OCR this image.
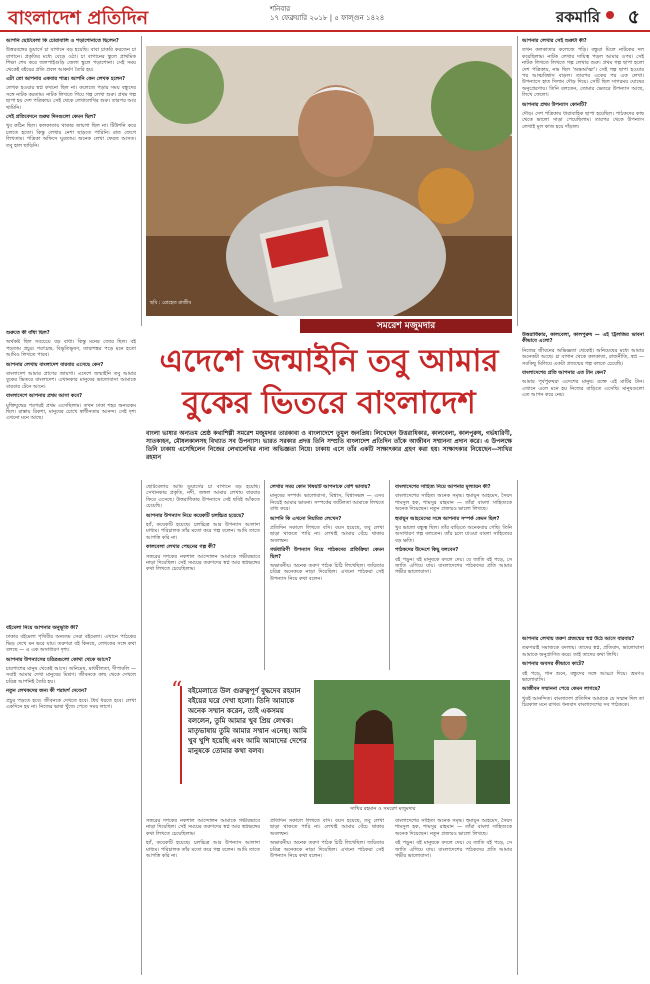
বাংলাদেশ প্রতিদিন	শনিবার
১৭ ফেব্রুয়ারি ২০১৮ | ৫ ফাল্গুন ১৪২৪	রকমারি ৫

আপনি ছোটবেলা কি চোরাবালি ও পড়াশোনাতে ছিলেন?

উত্তরবঙ্গের ডুয়ার্সে চা বাগানে বড় হয়েছি। বাবা চাকরি করতেন চা বাগানে। প্রকৃতির মধ্যে বেড়ে ওঠা। চা বাগানের স্কুলে প্রাথমিক শিক্ষা শেষ করে জলপাইগুড়ি জেলা স্কুলে পড়াশোনা। সেই সময় থেকেই বইয়ের প্রতি প্রবল আকর্ষণ তৈরি হয়।

এটা তো আপনার একবার পাত্র। আপনি কেন লেখক হলেন?

লেখক হওয়ার স্বপ্ন কখনো ছিল না। কলেজে পড়ার সময় বন্ধুদের সঙ্গে নাটক করতাম। নাটক লিখতে গিয়ে গল্প লেখা শুরু। প্রথম গল্প ছাপা হয় দেশ পত্রিকায়। সেই থেকে লেখালেখির শুরু। তারপর আর থামিনি।

সেই প্রতিবেদনে শুরুর দিনগুলো কেমন ছিল?

খুব কঠিন ছিল। কলকাতায় থাকার জায়গা ছিল না। টিউশনি করে চলতে হতো। কিন্তু লেখার নেশা ছাড়তে পারিনি। রাত জেগে লিখতাম। পত্রিকা অফিসে ঘুরতাম। অনেক লেখা ফেরত আসত। তবু হাল ছাড়িনি।

শুরুতে কী বাঁধা ছিল?

অর্থকষ্ট ছিল সবচেয়ে বড় বাধা। কিন্তু মনের জোর ছিল। বই পড়তাম প্রচুর। শরৎচন্দ্র, বিভূতিভূষণ, তারাশঙ্কর পড়ে মনে হতো আমিও লিখতে পারব।

আপনার লেখায় বাংলাদেশ বারবার এসেছে কেন?

বাংলাদেশ আমার প্রাণের জায়গা। এদেশে জন্মাইনি তবু আমার বুকের ভিতরে বাংলাদেশ। এখানকার মানুষের ভালোবাসা আমাকে বারবার টেনে আনে।

বাংলাদেশে আপনার প্রথম আসা কবে?

মুক্তিযুদ্ধের পরপরই প্রথম এসেছিলাম। তখন ঢাকা শহর অন্যরকম ছিল। রাস্তায় রিকশা, মানুষের চোখে স্বাধীনতার আনন্দ। সেই দৃশ্য এখনো মনে আছে।

বইমেলা নিয়ে আপনার অনুভূতি কী?

ঢাকার বইমেলা পৃথিবীর অন্যতম সেরা বইমেলা। এখানে পাঠকের ভিড় দেখে মন ভরে যায়। তরুণরা বই কিনছে, লেখকের সঙ্গে কথা বলছে — এ এক অসাধারণ দৃশ্য।

আপনার উপন্যাসের চরিত্রগুলো কোথা থেকে আসে?

চারপাশের মানুষ থেকেই আসে। অনিমেষ, মাধবীলতা, দীপাবলি — সবাই আমার দেখা মানুষের মিশ্রণ। জীবনকে কাছ থেকে দেখলে চরিত্র আপনিই তৈরি হয়।

নতুন লেখকদের জন্য কী পরামর্শ দেবেন?

প্রচুর পড়তে হবে। জীবনকে দেখতে হবে। ধৈর্য ধরতে হবে। লেখা একদিনে হয় না। নিজের ভাষা খুঁজে পেতে সময় লাগে।

ছবি : রোহেত রাজীব
সমরেশ মজুমদার
এদেশে জন্মাইনি তবু আমার
বুকের ভিতরে বাংলাদেশ
বাংলা ভাষার অন্যতম শ্রেষ্ঠ কথাশিল্পী সমরেশ মজুমদার তারকাবা ও বাংলাদেশে তুমুল জনপ্রিয়। লিখেছেন উত্তরাধিকার, কালবেলা, কালপুরুষ, গর্ভধারিণী, সাতকাহন, মৌষলকালসহ বিখ্যাত সব উপন্যাস। ভারত সরকার প্রদত্ত তিনি সম্প্রতি বাংলাদেশ প্রতিদিন তাঁকে আজীবন সম্মাননা প্রদান করে। এ উপলক্ষে তিনি ঢাকায় এসেছিলেন নিজের লেখালেখির নানা অভিজ্ঞতা নিয়ে। ঢাকায় এসে তাঁর একটি সাক্ষাৎকার গ্রহণ করা হয়। সাক্ষাৎকার নিয়েছেন—সাখির রহমান

ছোটবেলায় আমি ডুয়ার্সের চা বাগানে বড় হয়েছি। সেখানকার প্রকৃতি, নদী, জঙ্গল আমার লেখায় বারবার ফিরে এসেছে। উত্তরাধিকার উপন্যাসে সেই ছবিই আঁকতে চেয়েছি।

আপনার উপন্যাস নিয়ে কয়েকটি চলচ্চিত্র হয়েছে?

হ্যাঁ, কয়েকটি হয়েছে। চলচ্চিত্র আর উপন্যাস আলাদা মাধ্যম। পরিচালক তাঁর মতো করে গল্প বলেন। আমি তাতে আপত্তি করি না।

কালবেলা লেখার পেছনের গল্প কী?

সত্তরের দশকের নকশাল আন্দোলন আমাকে গভীরভাবে নাড়া দিয়েছিল। সেই সময়ের তরুণদের স্বপ্ন আর স্বপ্নভঙ্গের কথা লিখতে চেয়েছিলাম।

লেখার সময় কোন বিষয়টি আপনাকে বেশি ভাবায়?

মানুষের সম্পর্ক। ভালোবাসা, বিশ্বাস, বিশ্বাসভঙ্গ — এসব নিয়েই আমার ভাবনা। সম্পর্কের জটিলতা আমাকে লিখতে বাধ্য করে।

আপনি কি এখনো নিয়মিত লেখেন?

প্রতিদিন সকালে লিখতে বসি। বয়স হয়েছে, তবু লেখা ছাড়া থাকতে পারি না। লেখাই আমার বেঁচে থাকার অবলম্বন।

গর্ভধারিণী উপন্যাস নিয়ে পাঠকদের প্রতিক্রিয়া কেমন ছিল?

অভাবনীয়। অনেক তরুণ পাঠক চিঠি লিখেছিল। জয়িতার চরিত্র অনেককে নাড়া দিয়েছিল। এখনো পাঠকরা সেই উপন্যাস নিয়ে কথা বলেন।

বাংলাদেশের সাহিত্য নিয়ে আপনার মূল্যায়ন কী?

বাংলাদেশের সাহিত্য অনেক সমৃদ্ধ। হুমায়ূন আহমেদ, সৈয়দ শামসুল হক, শামসুর রাহমান — তাঁরা বাংলা সাহিত্যকে অনেক দিয়েছেন। নতুন প্রজন্মও ভালো লিখছে।

হুমায়ূন আহমেদের সঙ্গে আপনার সম্পর্ক কেমন ছিল?

খুব ভালো বন্ধুত্ব ছিল। তাঁর বাড়িতে অনেকবার গেছি। তিনি অসাধারণ গল্প বলতেন। তাঁর চলে যাওয়া বাংলা সাহিত্যের বড় ক্ষতি।

পাঠকদের উদ্দেশে কিছু বলবেন?

বই পড়ুন। বই মানুষকে বদলে দেয়। যে জাতি বই পড়ে, সে জাতি এগিয়ে যায়। বাংলাদেশের পাঠকদের প্রতি আমার গভীর ভালোবাসা।

“ বইমেলাতে উল গুরুত্বপূর্ণ বুদ্ধদেব রহমান বইয়ের ঘরে দেখা হলো। তিনি আমাকে অনেক সম্মান করেন, তাই একসময় বললেন, তুমি আমার খুব প্রিয় লেখক। মাতৃভাষায় তুমি আমার সম্মান এনেছ। আমি খুব খুশি হয়েছি এবং আমি আমাদের দেশের মানুষকে তোমার কথা বলব।
সাখির রহমান ও সমরেশ মজুমদার

সত্তরের দশকের নকশাল আন্দোলন আমাকে গভীরভাবে নাড়া দিয়েছিল। সেই সময়ের তরুণদের স্বপ্ন আর স্বপ্নভঙ্গের কথা লিখতে চেয়েছিলাম।

হ্যাঁ, কয়েকটি হয়েছে। চলচ্চিত্র আর উপন্যাস আলাদা মাধ্যম। পরিচালক তাঁর মতো করে গল্প বলেন। আমি তাতে আপত্তি করি না।

প্রতিদিন সকালে লিখতে বসি। বয়স হয়েছে, তবু লেখা ছাড়া থাকতে পারি না। লেখাই আমার বেঁচে থাকার অবলম্বন।

অভাবনীয়। অনেক তরুণ পাঠক চিঠি লিখেছিল। জয়িতার চরিত্র অনেককে নাড়া দিয়েছিল। এখনো পাঠকরা সেই উপন্যাস নিয়ে কথা বলেন।

বাংলাদেশের সাহিত্য অনেক সমৃদ্ধ। হুমায়ূন আহমেদ, সৈয়দ শামসুল হক, শামসুর রাহমান — তাঁরা বাংলা সাহিত্যকে অনেক দিয়েছেন। নতুন প্রজন্মও ভালো লিখছে।

বই পড়ুন। বই মানুষকে বদলে দেয়। যে জাতি বই পড়ে, সে জাতি এগিয়ে যায়। বাংলাদেশের পাঠকদের প্রতি আমার গভীর ভালোবাসা।

আপনার লেখার সেই শুরুটা কী?

তখন কলকাতার কলেজে পড়ি। বন্ধুরা মিলে নাটকের দল করেছিলাম। নাটক লেখার দায়িত্ব পড়ল আমার ওপর। সেই নাটক লিখতে লিখতে গল্প লেখার শুরু। প্রথম গল্প ছাপা হলো দেশ পত্রিকায়, নাম ছিল 'অন্তর্আত্মা'। সেই গল্প ছাপা হওয়ার পর আত্মবিশ্বাস বাড়ল। তারপর একের পর এক লেখা। উপন্যাসে হাত দিলাম দৌড় দিয়ে। সেটি ছিল সাগরময় ঘোষের অনুপ্রেরণায়। তিনি বলতেন, তোমার ভেতরে উপন্যাস আছে, লিখে ফেলো।

আপনার প্রথম উপন্যাস কোনটি?

দৌড়। দেশ পত্রিকায় ধারাবাহিক ছাপা হয়েছিল। পাঠকদের কাছ থেকে ভালো সাড়া পেয়েছিলাম। তারপর থেকে উপন্যাস লেখাই মূল কাজ হয়ে দাঁড়াল।

উত্তরাধিকার, কালবেলা, কালপুরুষ — এই ট্রিলজির ভাবনা কীভাবে এলো?

নিজের জীবনের অভিজ্ঞতা থেকেই। অনিমেষের মধ্যে আমার অনেকটা আছে। চা বাগান থেকে কলকাতা, রাজনীতি, স্বপ্ন — সবকিছু মিলিয়ে একটা প্রজন্মের গল্প বলতে চেয়েছি।

বাংলাদেশের প্রতি আপনার এত টান কেন?

আমার পূর্বপুরুষরা এদেশের মানুষ। রক্তে এই মাটির টান। এখানে এলে মনে হয় নিজের বাড়িতে এসেছি। মানুষগুলো এত আপন করে নেয়।

আপনার লেখায় তরুণ প্রজন্মের স্বপ্ন উঠে আসে বারবার?

তরুণরাই সমাজকে বদলায়। তাদের স্বপ্ন, প্রতিবাদ, ভালোবাসা আমাকে অনুপ্রাণিত করে। তাই তাদের কথা লিখি।

আপনার অবসর কীভাবে কাটে?

বই পড়ে, গান শুনে, বন্ধুদের সঙ্গে আড্ডা দিয়ে। ভ্রমণও ভালোবাসি।

আজীবন সম্মাননা পেয়ে কেমন লাগছে?

খুবই আনন্দিত। বাংলাদেশ প্রতিদিন আমাকে যে সম্মান দিল তা চিরকাল মনে রাখব। ধন্যবাদ বাংলাদেশের সব পাঠককে।
